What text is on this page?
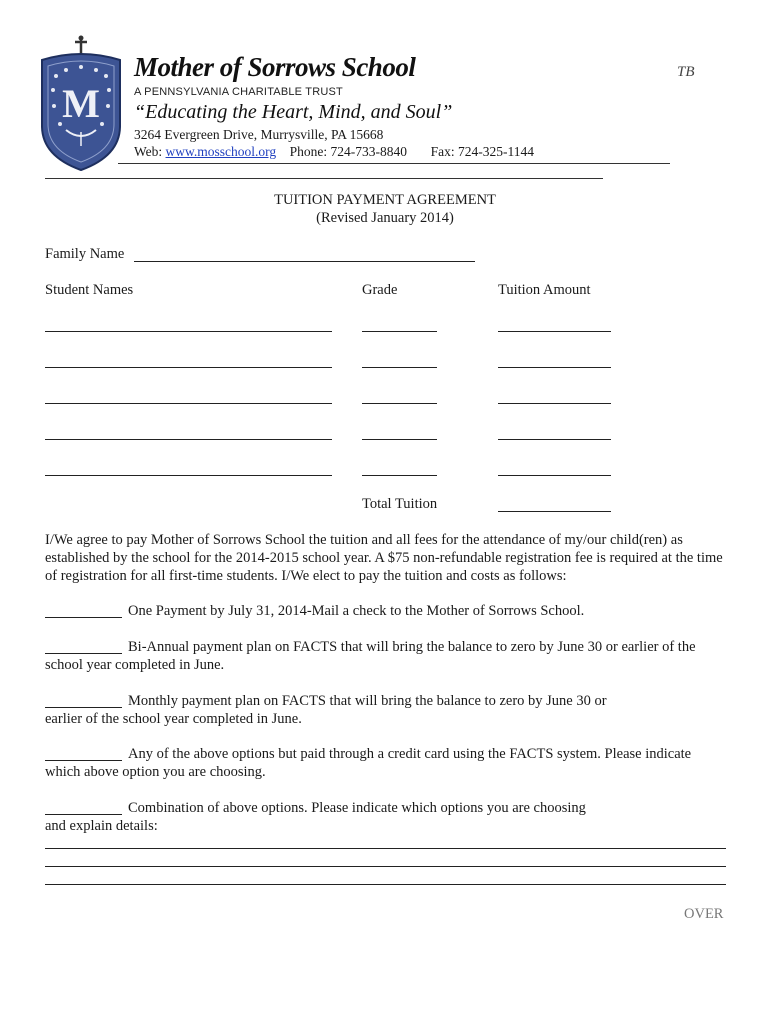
M
Mother of Sorrows School	TB
A PENNSYLVANIA CHARITABLE TRUST
“Educating the Heart, Mind, and Soul”
3264 Evergreen Drive, Murrysville, PA 15668
Web: www.mosschool.org Phone: 724-733-8840 Fax: 724-325-1144
TUITION PAYMENT AGREEMENT
(Revised January 2014)
Family Name
Student Names	Grade	Tuition Amount
Total Tuition
I/We agree to pay Mother of Sorrows School the tuition and all fees for the attendance of my/our child(ren) as established by the school for the 2014-2015 school year. A $75 non-refundable registration fee is required at the time of registration for all first-time students. I/We elect to pay the tuition and costs as follows:
One Payment by July 31, 2014-Mail a check to the Mother of Sorrows School.
Bi-Annual payment plan on FACTS that will bring the balance to zero by June 30 or earlier of the
school year completed in June.
Monthly payment plan on FACTS that will bring the balance to zero by June 30 or
earlier of the school year completed in June.
Any of the above options but paid through a credit card using the FACTS system. Please indicate
which above option you are choosing.
Combination of above options. Please indicate which options you are choosing
and explain details:
OVER
